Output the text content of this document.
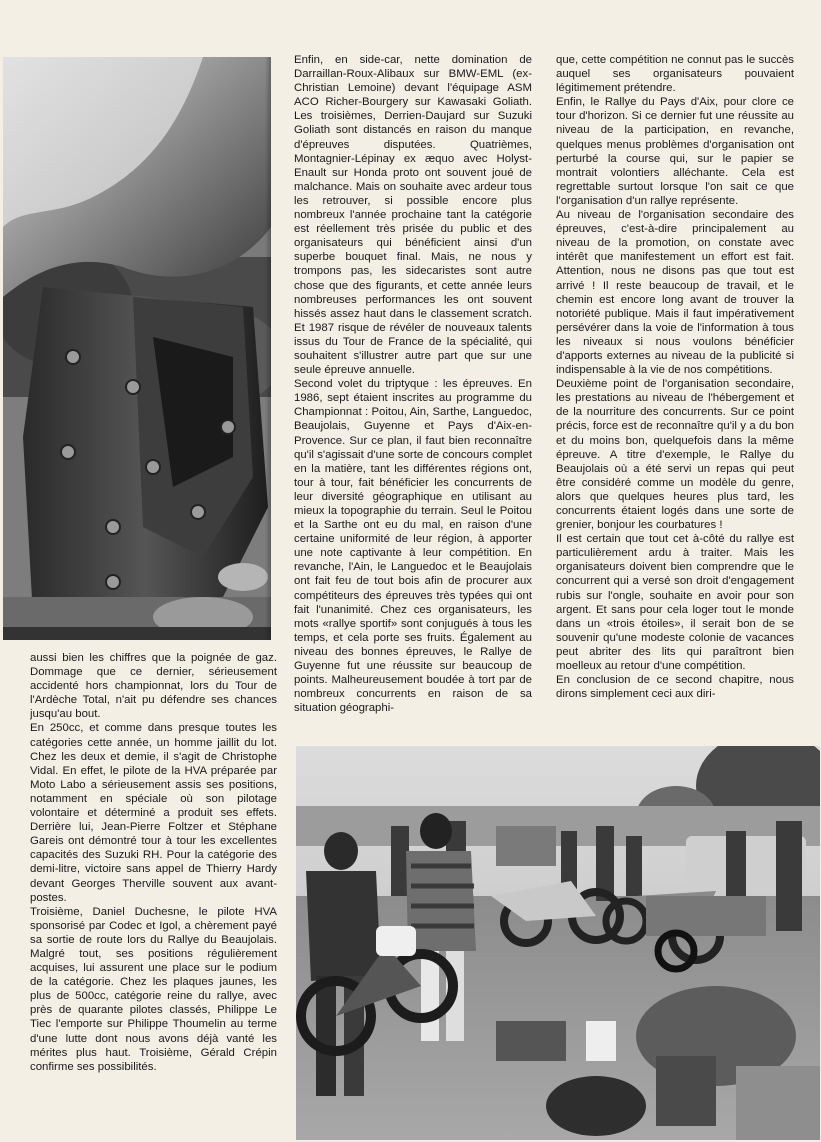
aussi bien les chiffres que la poignée de gaz. Dommage que ce dernier, sérieusement accidenté hors championnat, lors du Tour de l'Ardèche Total, n'ait pu défendre ses chances jusqu'au bout.

En 250cc, et comme dans presque toutes les catégories cette année, un homme jaillit du lot. Chez les deux et demie, il s'agit de Christophe Vidal. En effet, le pilote de la HVA préparée par Moto Labo a sérieusement assis ses positions, notamment en spéciale où son pilotage volontaire et déterminé a produit ses effets. Derrière lui, Jean-Pierre Foltzer et Stéphane Gareis ont démontré tour à tour les excellentes capacités des Suzuki RH. Pour la catégorie des demi-litre, victoire sans appel de Thierry Hardy devant Georges Therville souvent aux avant-postes.

Troisième, Daniel Duchesne, le pilote HVA sponsorisé par Codec et Igol, a chèrement payé sa sortie de route lors du Rallye du Beaujolais. Malgré tout, ses positions régulièrement acquises, lui assurent une place sur le podium de la catégorie. Chez les plaques jaunes, les plus de 500cc, catégorie reine du rallye, avec près de quarante pilotes classés, Philippe Le Tiec l'emporte sur Philippe Thoumelin au terme d'une lutte dont nous avons déjà vanté les mérites plus haut. Troisième, Gérald Crépin confirme ses possibilités.

Enfin, en side-car, nette domination de Darraillan-Roux-Alibaux sur BMW-EML (ex-Christian Lemoine) devant l'équipage ASM ACO Richer-Bourgery sur Kawasaki Goliath. Les troisièmes, Derrien-Daujard sur Suzuki Goliath sont distancés en raison du manque d'épreuves disputées. Quatrièmes, Montagnier-Lépinay ex æquo avec Holyst-Enault sur Honda proto ont souvent joué de malchance. Mais on souhaite avec ardeur tous les retrouver, si possible encore plus nombreux l'année prochaine tant la catégorie est réellement très prisée du public et des organisateurs qui bénéficient ainsi d'un superbe bouquet final. Mais, ne nous y trompons pas, les sidecaristes sont autre chose que des figurants, et cette année leurs nombreuses performances les ont souvent hissés assez haut dans le classement scratch. Et 1987 risque de révéler de nouveaux talents issus du Tour de France de la spécialité, qui souhaitent s'illustrer autre part que sur une seule épreuve annuelle.

Second volet du triptyque : les épreuves. En 1986, sept étaient inscrites au programme du Championnat : Poitou, Ain, Sarthe, Languedoc, Beaujolais, Guyenne et Pays d'Aix-en-Provence. Sur ce plan, il faut bien reconnaître qu'il s'agissait d'une sorte de concours complet en la matière, tant les différentes régions ont, tour à tour, fait bénéficier les concurrents de leur diversité géographique en utilisant au mieux la topographie du terrain. Seul le Poitou et la Sarthe ont eu du mal, en raison d'une certaine uniformité de leur région, à apporter une note captivante à leur compétition. En revanche, l'Ain, le Languedoc et le Beaujolais ont fait feu de tout bois afin de procurer aux compétiteurs des épreuves très typées qui ont fait l'unanimité. Chez ces organisateurs, les mots «rallye sportif» sont conjugués à tous les temps, et cela porte ses fruits. Également au niveau des bonnes épreuves, le Rallye de Guyenne fut une réussite sur beaucoup de points. Malheureusement boudée à tort par de nombreux concurrents en raison de sa situation géographi-

que, cette compétition ne connut pas le succès auquel ses organisateurs pouvaient légitimement prétendre.

Enfin, le Rallye du Pays d'Aix, pour clore ce tour d'horizon. Si ce dernier fut une réussite au niveau de la participation, en revanche, quelques menus problèmes d'organisation ont perturbé la course qui, sur le papier se montrait volontiers alléchante. Cela est regrettable surtout lorsque l'on sait ce que l'organisation d'un rallye représente.

Au niveau de l'organisation secondaire des épreuves, c'est-à-dire principalement au niveau de la promotion, on constate avec intérêt que manifestement un effort est fait. Attention, nous ne disons pas que tout est arrivé ! Il reste beaucoup de travail, et le chemin est encore long avant de trouver la notoriété publique. Mais il faut impérativement persévérer dans la voie de l'information à tous les niveaux si nous voulons bénéficier d'apports externes au niveau de la publicité si indispensable à la vie de nos compétitions.

Deuxième point de l'organisation secondaire, les prestations au niveau de l'hébergement et de la nourriture des concurrents. Sur ce point précis, force est de reconnaître qu'il y a du bon et du moins bon, quelquefois dans la même épreuve. A titre d'exemple, le Rallye du Beaujolais où a été servi un repas qui peut être considéré comme un modèle du genre, alors que quelques heures plus tard, les concurrents étaient logés dans une sorte de grenier, bonjour les courbatures !

Il est certain que tout cet à-côté du rallye est particulièrement ardu à traiter. Mais les organisateurs doivent bien comprendre que le concurrent qui a versé son droit d'engagement rubis sur l'ongle, souhaite en avoir pour son argent. Et sans pour cela loger tout le monde dans un «trois étoiles», il serait bon de se souvenir qu'une modeste colonie de vacances peut abriter des lits qui paraîtront bien moelleux au retour d'une compétition.

En conclusion de ce second chapitre, nous dirons simplement ceci aux diri-
